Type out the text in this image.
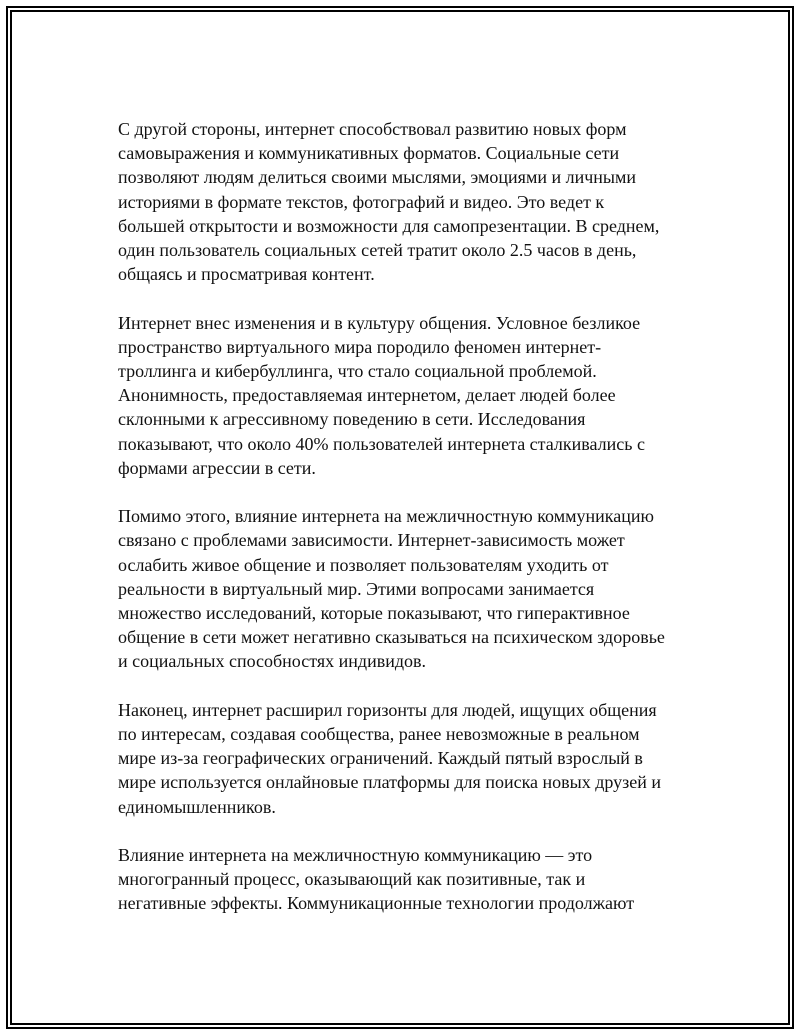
С другой стороны, интернет способствовал развитию новых форм
самовыражения и коммуникативных форматов. Социальные сети
позволяют людям делиться своими мыслями, эмоциями и личными
историями в формате текстов, фотографий и видео. Это ведет к
большей открытости и возможности для самопрезентации. В среднем,
один пользователь социальных сетей тратит около 2.5 часов в день,
общаясь и просматривая контент.

Интернет внес изменения и в культуру общения. Условное безликое
пространство виртуального мира породило феномен интернет-
троллинга и кибербуллинга, что стало социальной проблемой.
Анонимность, предоставляемая интернетом, делает людей более
склонными к агрессивному поведению в сети. Исследования
показывают, что около 40% пользователей интернета сталкивались с
формами агрессии в сети.

Помимо этого, влияние интернета на межличностную коммуникацию
связано с проблемами зависимости. Интернет-зависимость может
ослабить живое общение и позволяет пользователям уходить от
реальности в виртуальный мир. Этими вопросами занимается
множество исследований, которые показывают, что гиперактивное
общение в сети может негативно сказываться на психическом здоровье
и социальных способностях индивидов.

Наконец, интернет расширил горизонты для людей, ищущих общения
по интересам, создавая сообщества, ранее невозможные в реальном
мире из-за географических ограничений. Каждый пятый взрослый в
мире используется онлайновые платформы для поиска новых друзей и
единомышленников.

Влияние интернета на межличностную коммуникацию — это
многогранный процесс, оказывающий как позитивные, так и
негативные эффекты. Коммуникационные технологии продолжают
